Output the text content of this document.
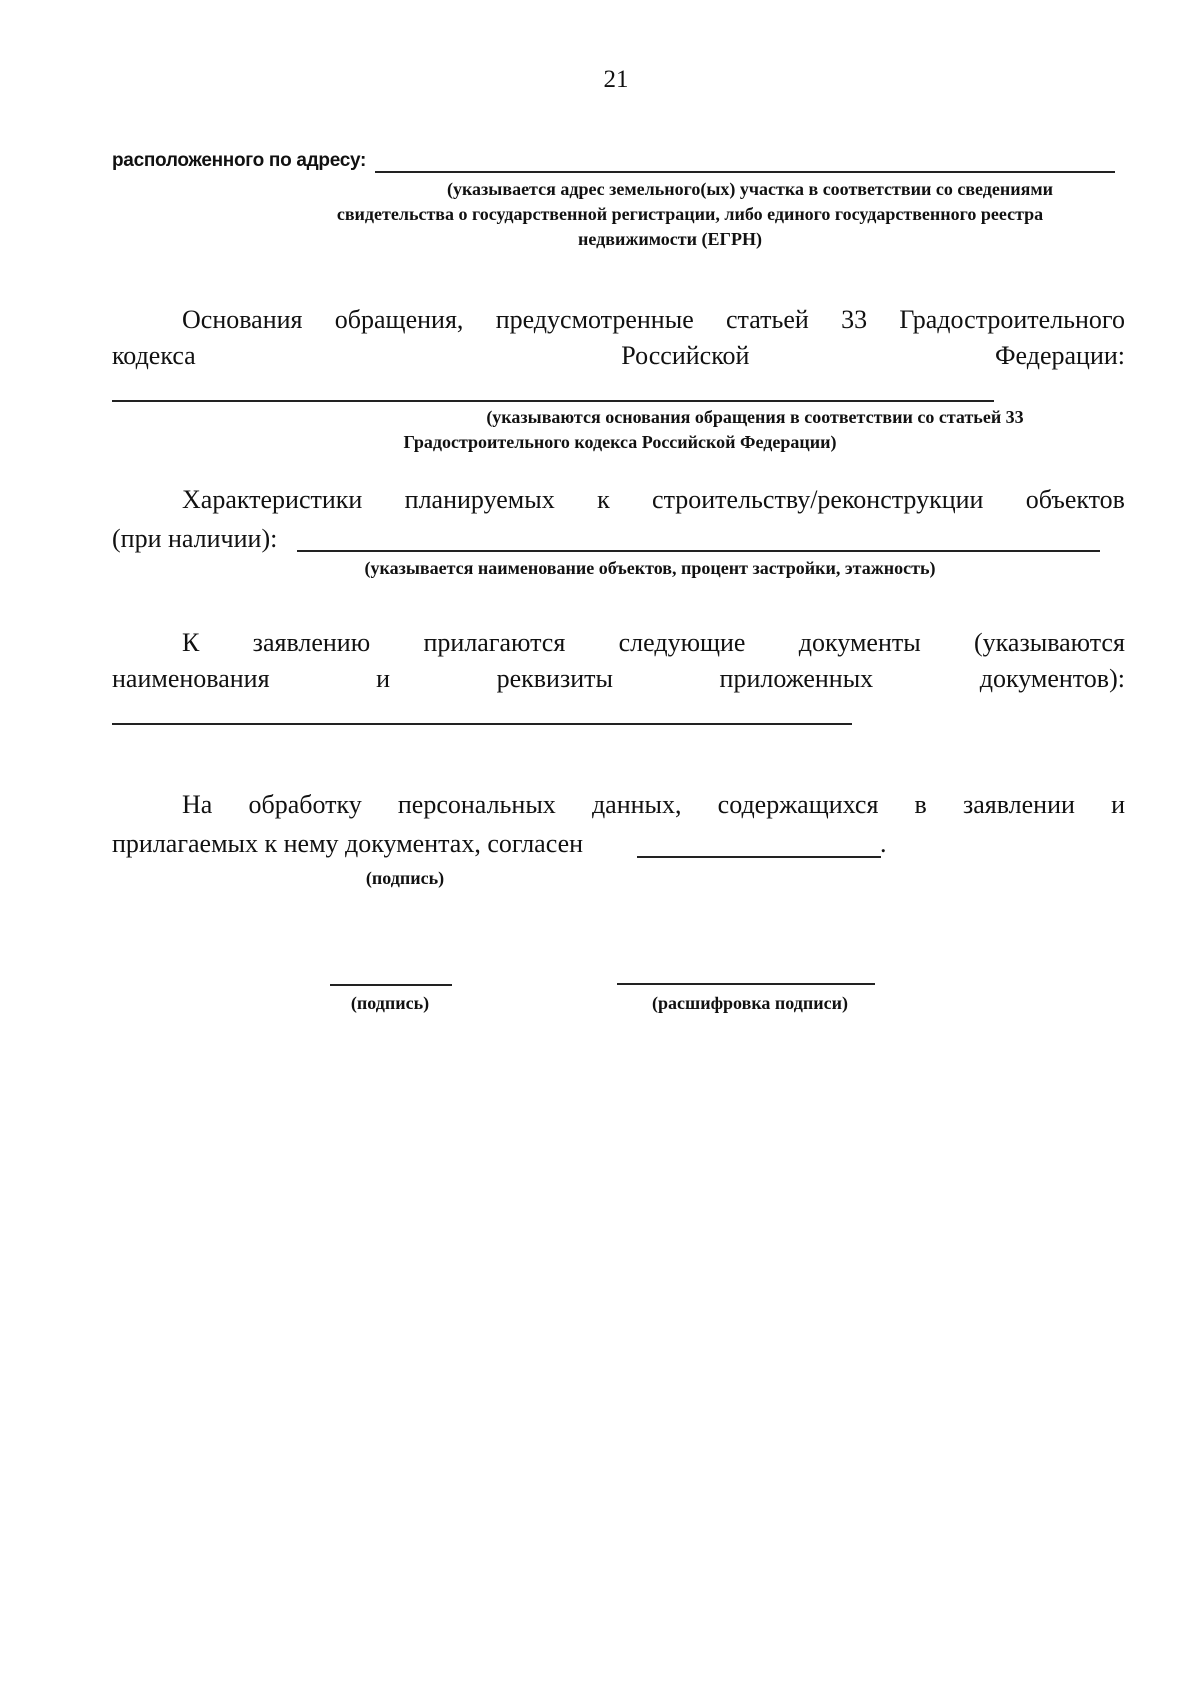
21
расположенного по адресу:
(указывается адрес земельного(ых) участка в соответствии со сведениями
свидетельства о государственной регистрации, либо единого государственного реестра
недвижимости (ЕГРН)
Основания обращения, предусмотренные статьей 33 Градостроительного
кодекса	Российской	Федерации:
(указываются основания обращения в соответствии со статьей 33
Градостроительного кодекса Российской Федерации)
Характеристики планируемых к строительству/реконструкции объектов
(при наличии):
(указывается наименование объектов, процент застройки, этажность)
К заявлению прилагаются следующие документы (указываются
наименования	и	реквизиты	приложенных	документов):
На обработку персональных данных, содержащихся в заявлении и
прилагаемых к нему документах, согласен	.
(подпись)
(подпись)	(расшифровка подписи)
